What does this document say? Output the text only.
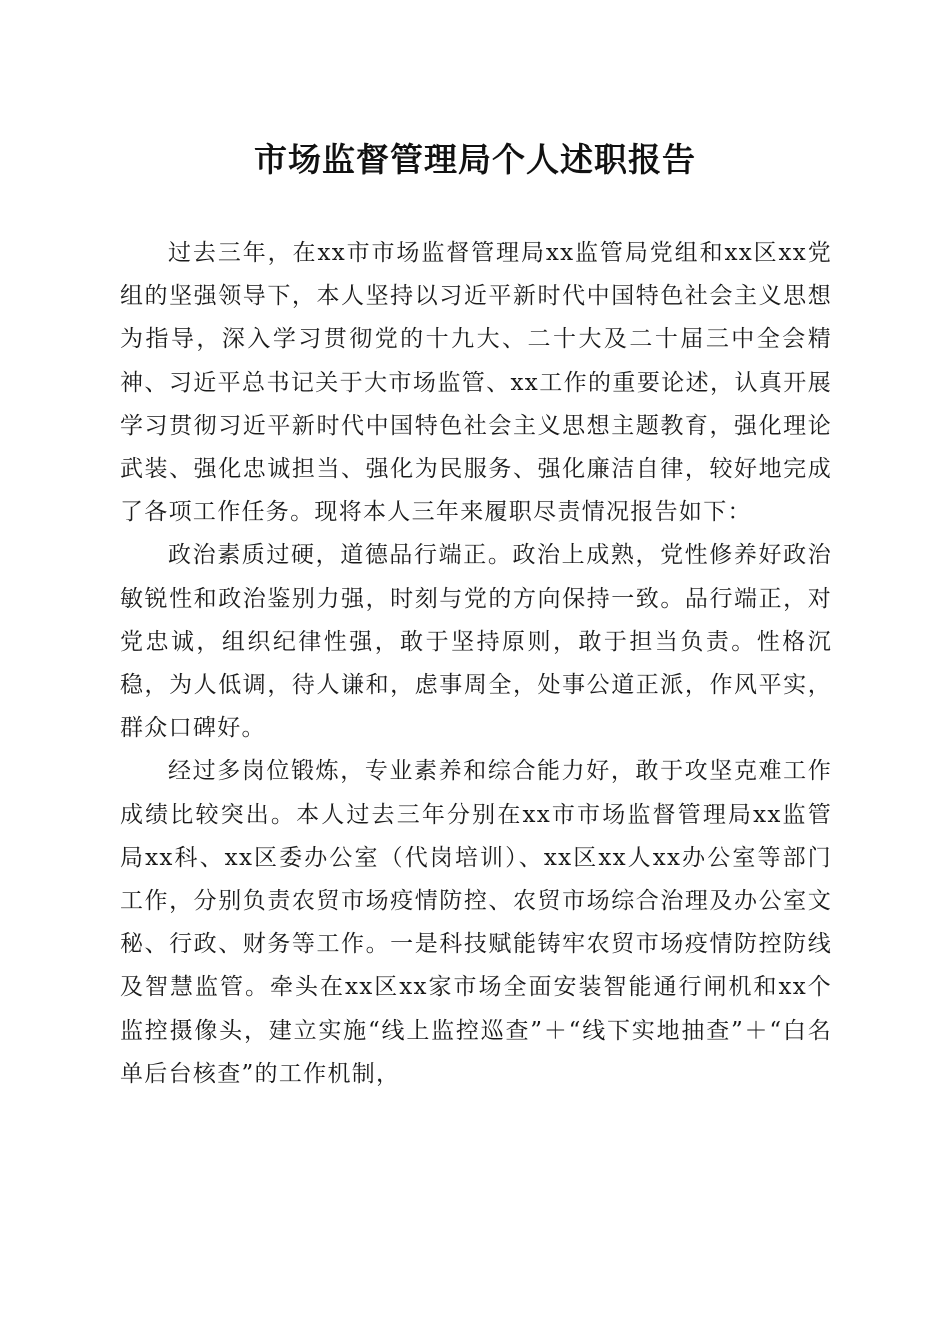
市场监督管理局个人述职报告

过去三年，在xx市市场监督管理局xx监管局党组和xx区xx党组的坚强领导下，本人坚持以习近平新时代中国特色社会主义思想为指导，深入学习贯彻党的十九大、二十大及二十届三中全会精神、习近平总书记关于大市场监管、xx工作的重要论述，认真开展学习贯彻习近平新时代中国特色社会主义思想主题教育，强化理论武装、强化忠诚担当、强化为民服务、强化廉洁自律，较好地完成了各项工作任务。现将本人三年来履职尽责情况报告如下：

政治素质过硬，道德品行端正。政治上成熟，党性修养好政治敏锐性和政治鉴别力强，时刻与党的方向保持一致。品行端正，对党忠诚，组织纪律性强，敢于坚持原则，敢于担当负责。性格沉稳，为人低调，待人谦和，虑事周全，处事公道正派，作风平实，群众口碑好。

经过多岗位锻炼，专业素养和综合能力好，敢于攻坚克难工作成绩比较突出。本人过去三年分别在xx市市场监督管理局xx监管局xx科、xx区委办公室（代岗培训）、xx区xx人xx办公室等部门工作，分别负责农贸市场疫情防控、农贸市场综合治理及办公室文秘、行政、财务等工作。一是科技赋能铸牢农贸市场疫情防控防线及智慧监管。牵头在xx区xx家市场全面安装智能通行闸机和xx个监控摄像头，建立实施“线上监控巡查”＋“线下实地抽查”＋“白名单后台核查”的工作机制，
